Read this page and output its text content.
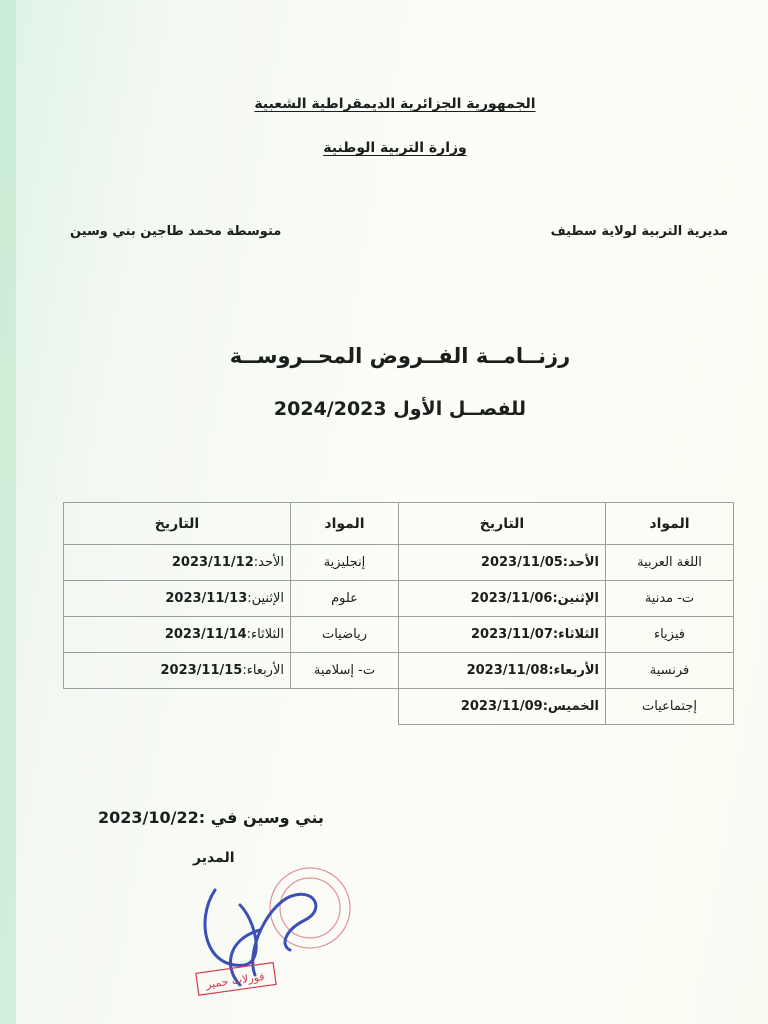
الجمهورية الجزائرية الديمقراطية الشعبية
وزارة التربية الوطنية
مديرية التربية لولاية سطيف
متوسطة محمد طاجين بني وسين
رزنــامــة الفــروض المحــروســة
للفصــل الأول 2024/2023
المواد	التاريخ
اللغة العربية	الأحد:2023/11/05
ت- مدنية	الإثنين:2023/11/06
فيزياء	الثلاثاء:2023/11/07
فرنسية	الأربعاء:2023/11/08
إجتماعيات	الخميس:2023/11/09
المواد	التاريخ
إنجليزية	الأحد:2023/11/12
علوم	الإثنين:2023/11/13
رياضيات	الثلاثاء:2023/11/14
ت- إسلامية	الأربعاء:2023/11/15
بني وسين في :2023/10/22
المدير
فورلات حمير
